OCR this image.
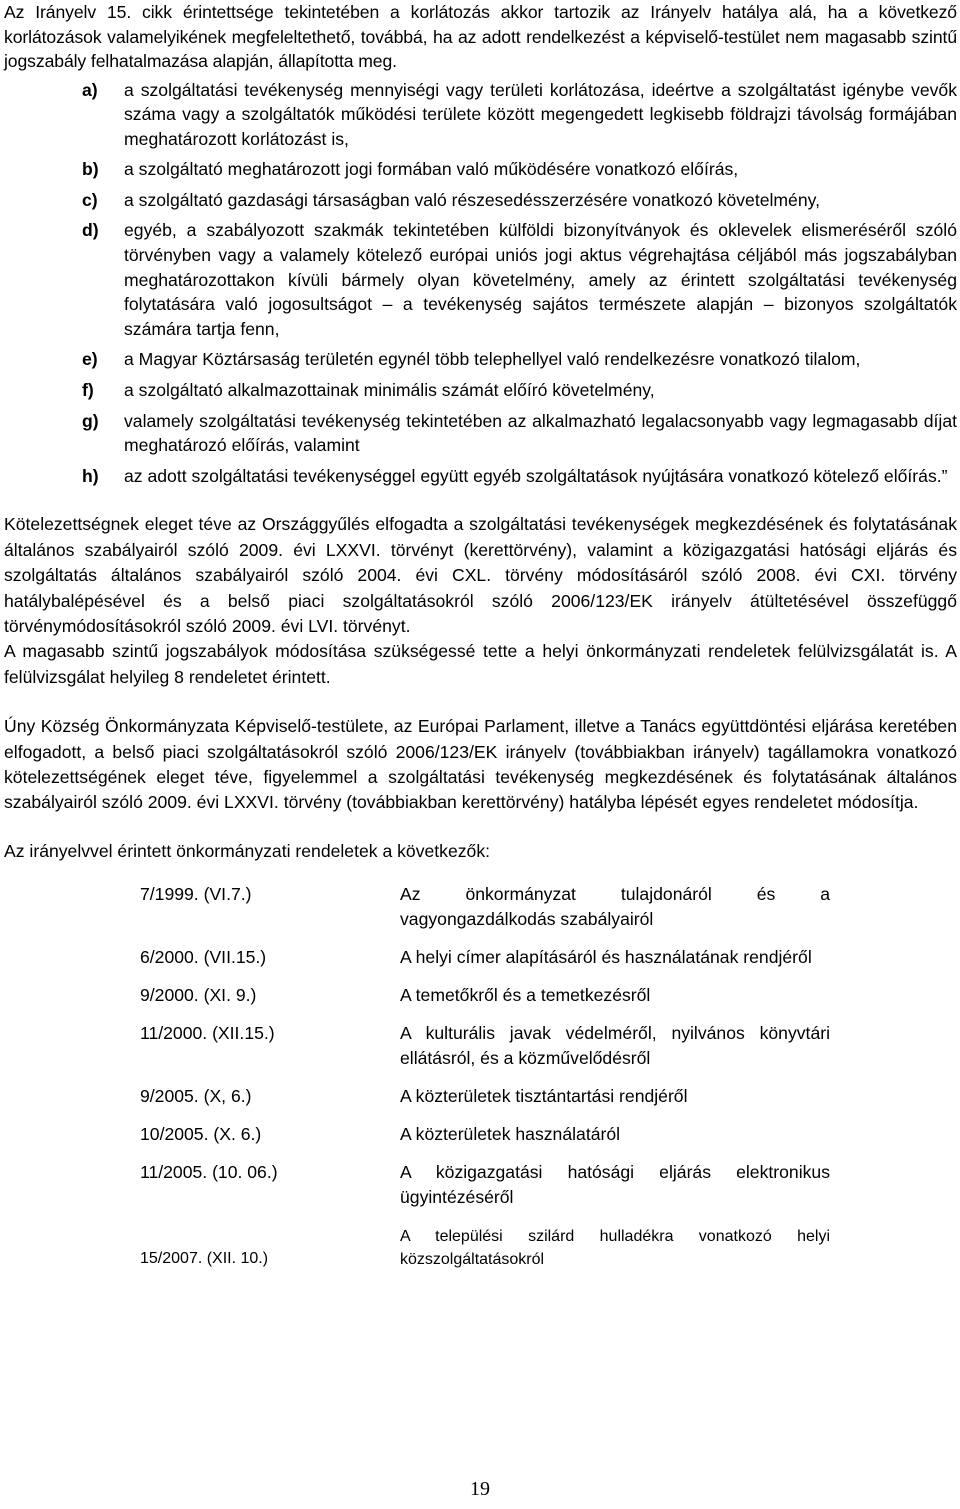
Az Irányelv 15. cikk érintettsége tekintetében a korlátozás akkor tartozik az Irányelv hatálya alá, ha a következő korlátozások valamelyikének megfeleltethető, továbbá, ha az adott rendelkezést a képviselő-testület nem magasabb szintű jogszabály felhatalmazása alapján, állapította meg.

a) a szolgáltatási tevékenység mennyiségi vagy területi korlátozása, ideértve a szolgáltatást igénybe vevők száma vagy a szolgáltatók működési területe között megengedett legkisebb földrajzi távolság formájában meghatározott korlátozást is,
b) a szolgáltató meghatározott jogi formában való működésére vonatkozó előírás,
c) a szolgáltató gazdasági társaságban való részesedésszerzésére vonatkozó követelmény,
d) egyéb, a szabályozott szakmák tekintetében külföldi bizonyítványok és oklevelek elismeréséről szóló törvényben vagy a valamely kötelező európai uniós jogi aktus végrehajtása céljából más jogszabályban meghatározottakon kívüli bármely olyan követelmény, amely az érintett szolgáltatási tevékenység folytatására való jogosultságot – a tevékenység sajátos természete alapján – bizonyos szolgáltatók számára tartja fenn,
e) a Magyar Köztársaság területén egynél több telephellyel való rendelkezésre vonatkozó tilalom,
f) a szolgáltató alkalmazottainak minimális számát előíró követelmény,
g) valamely szolgáltatási tevékenység tekintetében az alkalmazható legalacsonyabb vagy legmagasabb díjat meghatározó előírás, valamint
h) az adott szolgáltatási tevékenységgel együtt egyéb szolgáltatások nyújtására vonatkozó kötelező előírás.”

Kötelezettségnek eleget téve az Országgyűlés elfogadta a szolgáltatási tevékenységek megkezdésének és folytatásának általános szabályairól szóló 2009. évi LXXVI. törvényt (kerettörvény), valamint a közigazgatási hatósági eljárás és szolgáltatás általános szabályairól szóló 2004. évi CXL. törvény módosításáról szóló 2008. évi CXI. törvény hatálybalépésével és a belső piaci szolgáltatásokról szóló 2006/123/EK irányelv átültetésével összefüggő törvénymódosításokról szóló 2009. évi LVI. törvényt.

A magasabb szintű jogszabályok módosítása szükségessé tette a helyi önkormányzati rendeletek felülvizsgálatát is. A felülvizsgálat helyileg 8 rendeletet érintett.

Úny Község Önkormányzata Képviselő-testülete, az Európai Parlament, illetve a Tanács együttdöntési eljárása keretében elfogadott, a belső piaci szolgáltatásokról szóló 2006/123/EK irányelv (továbbiakban irányelv) tagállamokra vonatkozó kötelezettségének eleget téve, figyelemmel a szolgáltatási tevékenység megkezdésének és folytatásának általános szabályairól szóló 2009. évi LXXVI. törvény (továbbiakban kerettörvény) hatályba lépését egyes rendeletet módosítja.

Az irányelvvel érintett önkormányzati rendeletek a következők:

7/1999. (VI.7.)	Az önkormányzat tulajdonáról és a vagyongazdálkodás szabályairól
6/2000. (VII.15.)	A helyi címer alapításáról és használatának rendjéről
9/2000. (XI. 9.)	A temetőkről és a temetkezésről
11/2000. (XII.15.)	A kulturális javak védelméről, nyilvános könyvtári ellátásról, és a közművelődésről
9/2005. (X, 6.)	A közterületek tisztántartási rendjéről
10/2005. (X. 6.)	A közterületek használatáról
11/2005. (10. 06.)	A közigazgatási hatósági eljárás elektronikus ügyintézéséről
15/2007. (XII. 10.)	A települési szilárd hulladékra vonatkozó helyi közszolgáltatásokról
19
